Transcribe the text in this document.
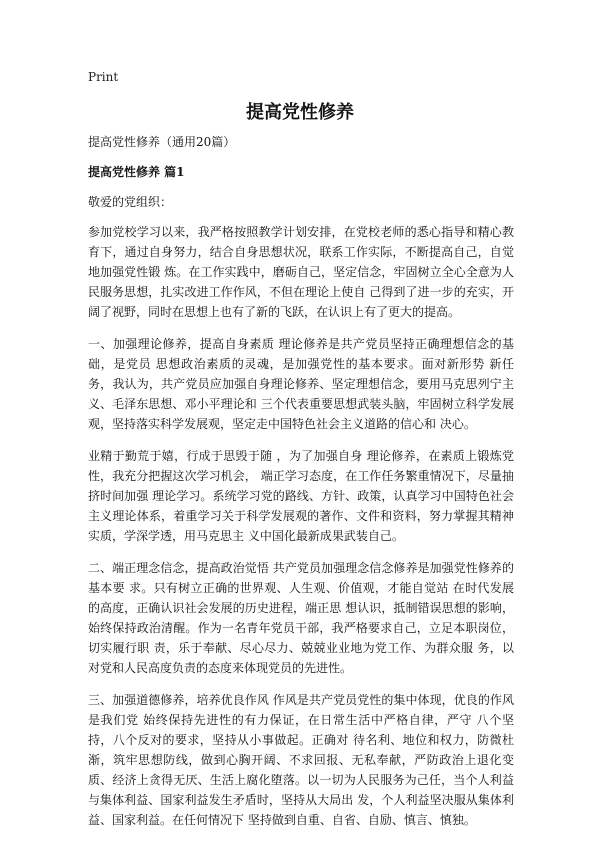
Print
提高党性修养

提高党性修养（通用20篇）

提高党性修养 篇1

敬爱的党组织：

参加党校学习以来，我严格按照教学计划安排，在党校老师的悉心指导和精心教育下，通过自身努力，结合自身思想状况，联系工作实际，不断提高自己，自觉地加强党性锻 炼。在工作实践中，磨砺自己，坚定信念，牢固树立全心全意为人民服务思想，扎实改进工作作风，不但在理论上使自 己得到了进一步的充实，开阔了视野，同时在思想上也有了新的飞跃，在认识上有了更大的提高。

一、加强理论修养，提高自身素质 理论修养是共产党员坚持正确理想信念的基础，是党员 思想政治素质的灵魂，是加强党性的基本要求。面对新形势 新任务，我认为，共产党员应加强自身理论修养、坚定理想信念，要用马克思列宁主义、毛泽东思想、邓小平理论和 三个代表重要思想武装头脑，牢固树立科学发展观，坚持落实科学发展观，坚定走中国特色社会主义道路的信心和 决心。

业精于勤荒于嬉，行成于思毁于随 ，为了加强自身 理论修养，在素质上锻炼党性，我充分把握这次学习机会， 端正学习态度，在工作任务繁重情况下，尽量抽挤时间加强 理论学习。系统学习党的路线、方针、政策，认真学习中国特色社会主义理论体系，着重学习关于科学发展观的著作、文件和资料，努力掌握其精神实质，学深学透，用马克思主 义中国化最新成果武装自己。

二、端正理念信念，提高政治觉悟 共产党员加强理念信念修养是加强党性修养的基本要 求。只有树立正确的世界观、人生观、价值观，才能自觉站 在时代发展的高度，正确认识社会发展的历史进程，端正思 想认识，抵制错误思想的影响，始终保持政治清醒。作为一名青年党员干部，我严格要求自己，立足本职岗位，切实履行职 责，乐于奉献、尽心尽力、兢兢业业地为党工作、为群众服 务，以对党和人民高度负责的态度来体现党员的先进性。

三、加强道德修养，培养优良作风 作风是共产党员党性的集中体现，优良的作风是我们党 始终保持先进性的有力保证，在日常生活中严格自律，严守 八个坚持，八个反对的要求，坚持从小事做起。正确对 待名利、地位和权力，防微杜渐，筑牢思想防线，做到心胸开阔、不求回报、无私奉献，严防政治上退化变质、经济上贪得无厌、生活上腐化堕落。以一切为人民服务为己任，当个人利益与集体利益、国家利益发生矛盾时，坚持从大局出 发，个人利益坚决服从集体利益、国家利益。在任何情况下 坚持做到自重、自省、自励、慎言、慎独。
